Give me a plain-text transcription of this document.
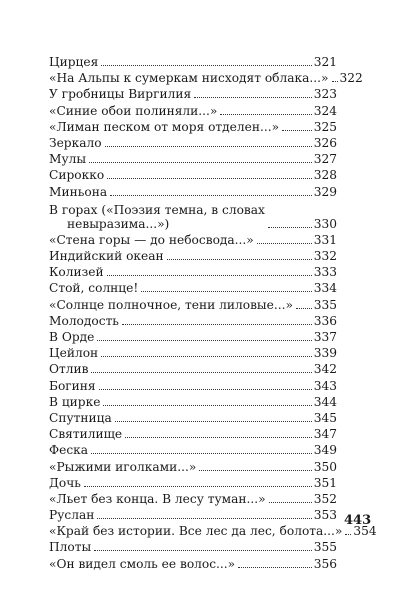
Цирцея	321
«На Альпы к сумеркам нисходят облака...» 322
У гробницы Виргилия	323
«Синие обои полиняли...»	324
«Лиман песком от моря отделен...»	325
Зеркало	326
Мулы	327
Сирокко	328
Миньона	329
В горах («Поэзия темна, в словах
невыразима...»)	330
«Стена горы — до небосвода...»	331
Индийский океан	332
Колизей	333
Стой, солнце!	334
«Солнце полночное, тени лиловые...» 335
Молодость	336
В Орде	337
Цейлон	339
Отлив	342
Богиня	343
В цирке	344
Спутница	345
Святилище	347
Феска	349
«Рыжими иголками...»	350
Дочь	351
«Льет без конца. В лесу туман...»	352
Руслан	353
«Край без истории. Все лес да лес, болота...» 354
Плоты	355
«Он видел смоль ее волос...»	356
443
